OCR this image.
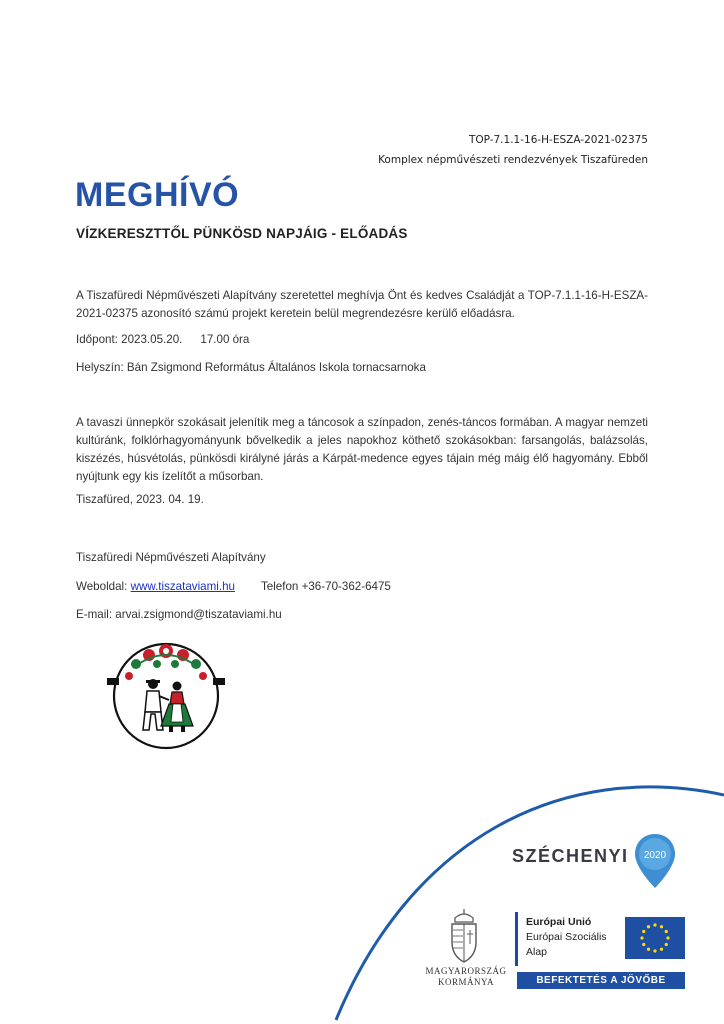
TOP-7.1.1-16-H-ESZA-2021-02375
Komplex népművészeti rendezvények Tiszafüreden
MEGHÍVÓ
VÍZKERESZTTŐL PÜNKÖSD NAPJÁIG - ELŐADÁS

A Tiszafüredi Népművészeti Alapítvány szeretettel meghívja Önt és kedves Családját a TOP-7.1.1-16-H-ESZA-2021-02375 azonosító számú projekt keretein belül megrendezésre kerülő előadásra.

Időpont: 2023.05.20. 17.00 óra

Helyszín: Bán Zsigmond Református Általános Iskola tornacsarnoka

A tavaszi ünnepkör szokásait jelenítik meg a táncosok a színpadon, zenés-táncos formában. A magyar nemzeti kultúránk, folklórhagyományunk bővelkedik a jeles napokhoz köthető szokásokban: farsangolás, balázsolás, kiszézés, húsvétolás, pünkösdi királyné járás a Kárpát-medence egyes tájain még máig élő hagyomány. Ebből nyújtunk egy kis ízelítőt a műsorban.

Tiszafüred, 2023. 04. 19.

Tiszafüredi Népművészeti Alapítvány

Weboldal: www.tiszataviami.hu Telefon +36-70-362-6475

E-mail: arvai.zsigmond@tiszataviami.hu

SZÉCHENYI 2020
MAGYARORSZÁG
KORMÁNYA
Európai Unió
Európai Szociális
Alap
BEFEKTETÉS A JÖVŐBE
